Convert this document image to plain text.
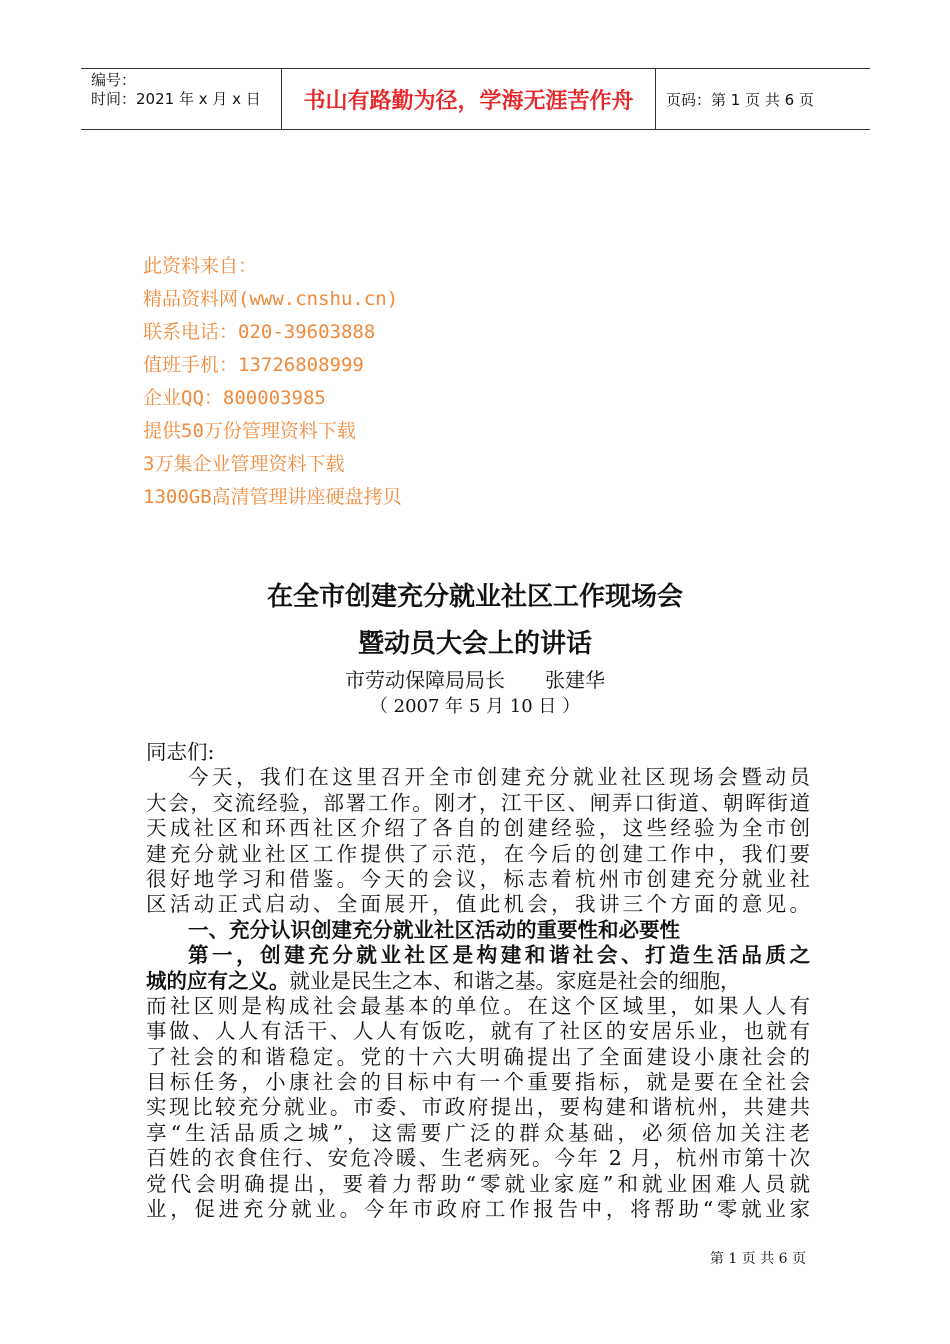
编号：
时间：2021 年 x 月 x 日	书山有路勤为径，学海无涯苦作舟	页码：第 1 页 共 6 页
此资料来自：
精品资料网(www.cnshu.cn)
联系电话：020-39603888
值班手机：13726808999
企业QQ：800003985
提供50万份管理资料下载
3万集企业管理资料下载
1300GB高清管理讲座硬盘拷贝
在全市创建充分就业社区工作现场会
暨动员大会上的讲话
市劳动保障局局长　　张建华
（ 2007 年 5 月 10 日 ）
同志们:
今天，我们在这里召开全市创建充分就业社区现场会暨动员
大会，交流经验，部署工作。刚才，江干区、闸弄口街道、朝晖街道
天成社区和环西社区介绍了各自的创建经验，这些经验为全市创
建充分就业社区工作提供了示范，在今后的创建工作中，我们要
很好地学习和借鉴。今天的会议，标志着杭州市创建充分就业社
区活动正式启动、全面展开，值此机会，我讲三个方面的意见。
一、充分认识创建充分就业社区活动的重要性和必要性
第一，创建充分就业社区是构建和谐社会、打造生活品质之
城的应有之义。就业是民生之本、和谐之基。家庭是社会的细胞，
而社区则是构成社会最基本的单位。在这个区域里，如果人人有
事做、人人有活干、人人有饭吃，就有了社区的安居乐业，也就有
了社会的和谐稳定。党的十六大明确提出了全面建设小康社会的
目标任务，小康社会的目标中有一个重要指标，就是要在全社会
实现比较充分就业。市委、市政府提出，要构建和谐杭州，共建共
享“生活品质之城”，这需要广泛的群众基础，必须倍加关注老
百姓的衣食住行、安危冷暖、生老病死。今年 2 月，杭州市第十次
党代会明确提出，要着力帮助“零就业家庭”和就业困难人员就
业，促进充分就业。今年市政府工作报告中，将帮助“零就业家
第 1 页 共 6 页
